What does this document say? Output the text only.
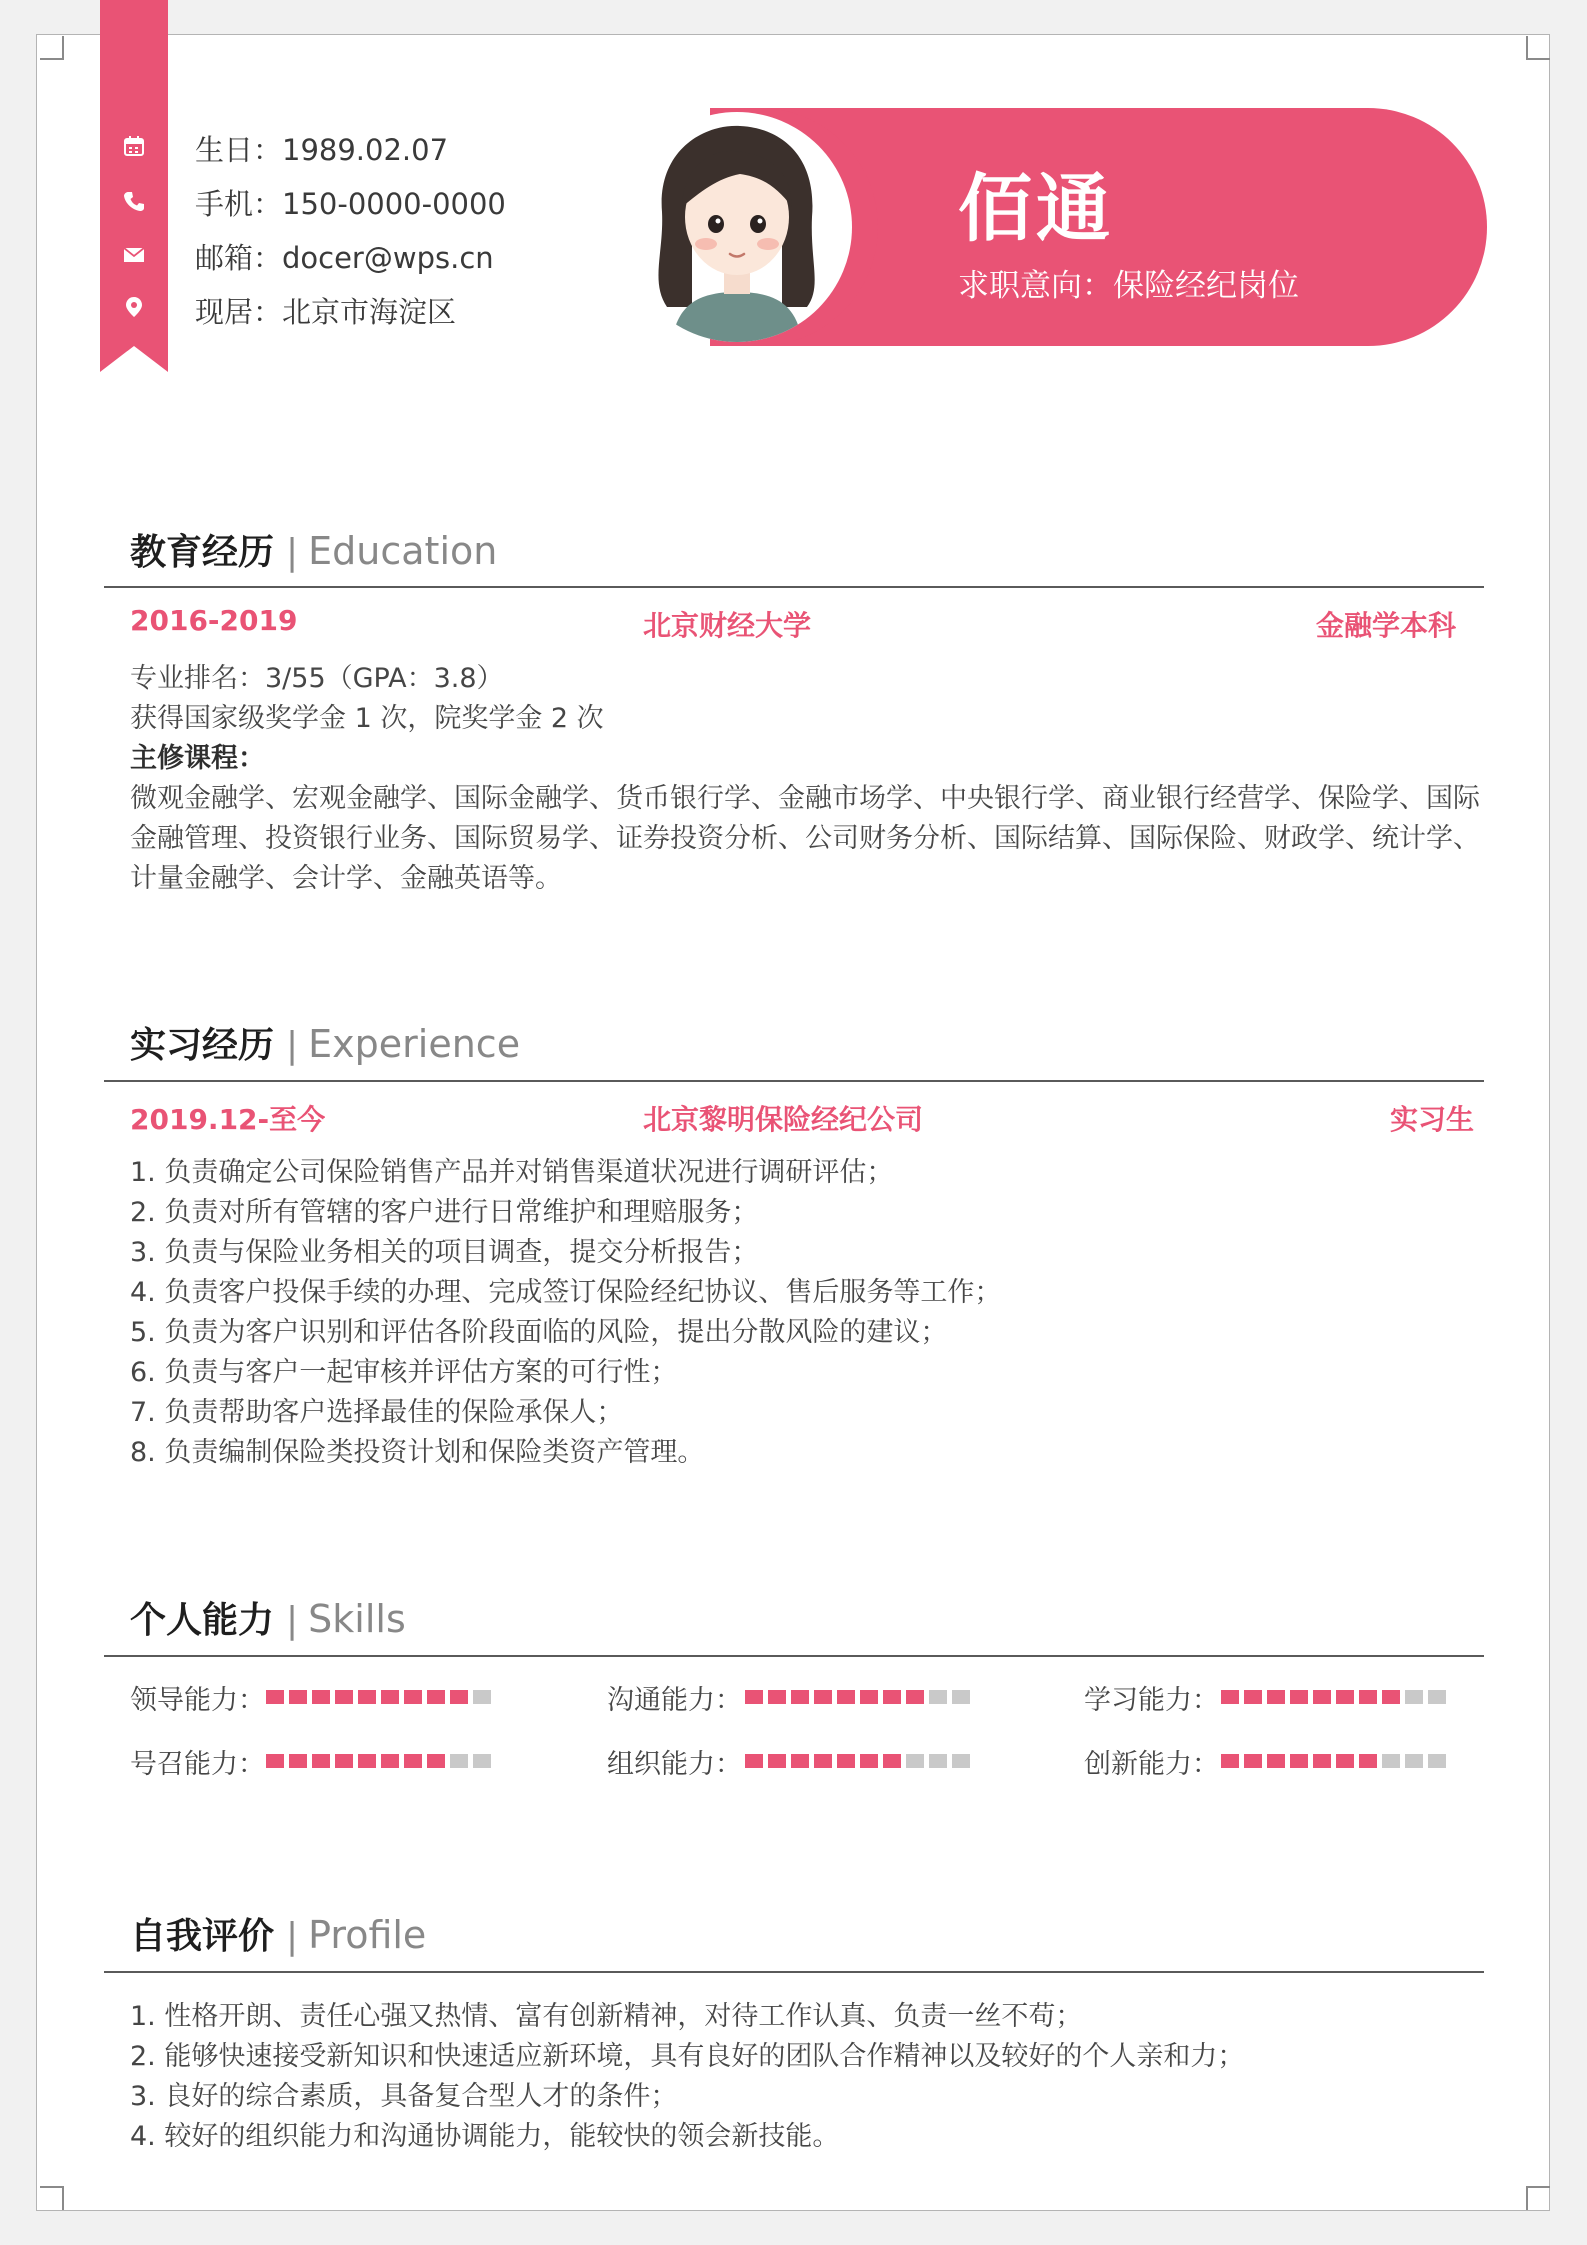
生日：1989.02.07
手机：150-0000-0000
邮箱：docer@wps.cn
现居：北京市海淀区
佰通
求职意向：保险经纪岗位
教育经历 | Education
2016-2019	北京财经大学	金融学本科
专业排名：3/55（GPA：3.8）
获得国家级奖学金 1 次，院奖学金 2 次
主修课程：
微观金融学、宏观金融学、国际金融学、货币银行学、金融市场学、中央银行学、商业银行经营学、保险学、国际
金融管理、投资银行业务、国际贸易学、证券投资分析、公司财务分析、国际结算、国际保险、财政学、统计学、
计量金融学、会计学、金融英语等。
实习经历 | Experience
2019.12-至今	北京黎明保险经纪公司	实习生
1. 负责确定公司保险销售产品并对销售渠道状况进行调研评估；
2. 负责对所有管辖的客户进行日常维护和理赔服务；
3. 负责与保险业务相关的项目调查，提交分析报告；
4. 负责客户投保手续的办理、完成签订保险经纪协议、售后服务等工作；
5. 负责为客户识别和评估各阶段面临的风险，提出分散风险的建议；
6. 负责与客户一起审核并评估方案的可行性；
7. 负责帮助客户选择最佳的保险承保人；
8. 负责编制保险类投资计划和保险类资产管理。
个人能力 | Skills
领导能力：	沟通能力：	学习能力：
号召能力：	组织能力：	创新能力：
自我评价 | Profile
1. 性格开朗、责任心强又热情、富有创新精神，对待工作认真、负责一丝不苟；
2. 能够快速接受新知识和快速适应新环境，具有良好的团队合作精神以及较好的个人亲和力；
3. 良好的综合素质，具备复合型人才的条件；
4. 较好的组织能力和沟通协调能力，能较快的领会新技能。
